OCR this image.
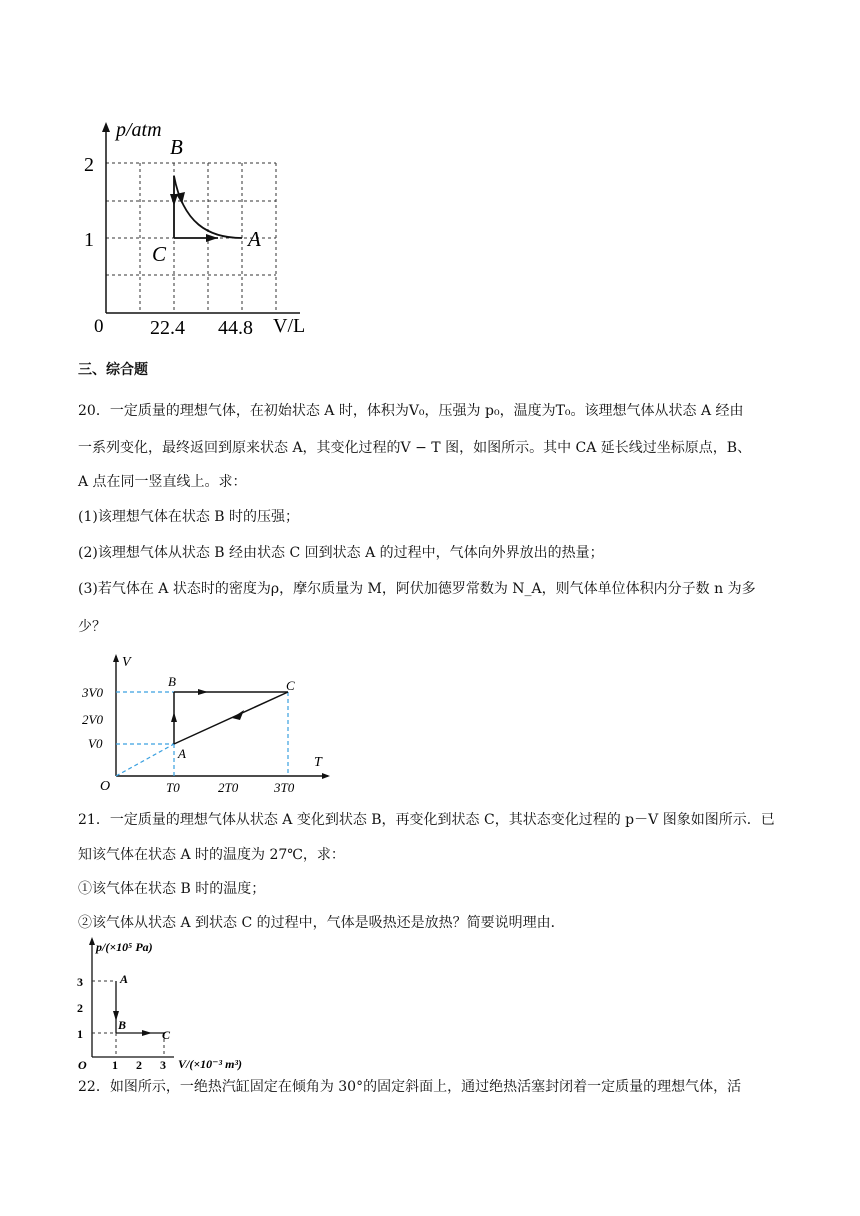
p/atm
V/L
0
2
1
22.4 44.8
B
C
A

三、综合题

20．一定质量的理想气体，在初始状态 A 时，体积为V₀，压强为 p₀，温度为T₀。该理想气体从状态 A 经由

一系列变化，最终返回到原来状态 A，其变化过程的V − T 图，如图所示。其中 CA 延长线过坐标原点，B、

A 点在同一竖直线上。求：

(1)该理想气体在状态 B 时的压强；

(2)该理想气体从状态 B 经由状态 C 回到状态 A 的过程中，气体向外界放出的热量；

(3)若气体在 A 状态时的密度为ρ，摩尔质量为 M，阿伏加德罗常数为 N_A，则气体单位体积内分子数 n 为多

少？

V
T
O
3V0
2V0
V0
T0	2T0	3T0
B	C
A

21．一定质量的理想气体从状态 A 变化到状态 B，再变化到状态 C，其状态变化过程的 p－V 图象如图所示．已

知该气体在状态 A 时的温度为 27℃，求：

①该气体在状态 B 时的温度；

②该气体从状态 A 到状态 C 的过程中，气体是吸热还是放热？简要说明理由．

p/(×10⁵ Pa)
V/(×10⁻³ m³)
O
3
2
1
1 2 3
A
B
C

22．如图所示，一绝热汽缸固定在倾角为 30°的固定斜面上，通过绝热活塞封闭着一定质量的理想气体，活
